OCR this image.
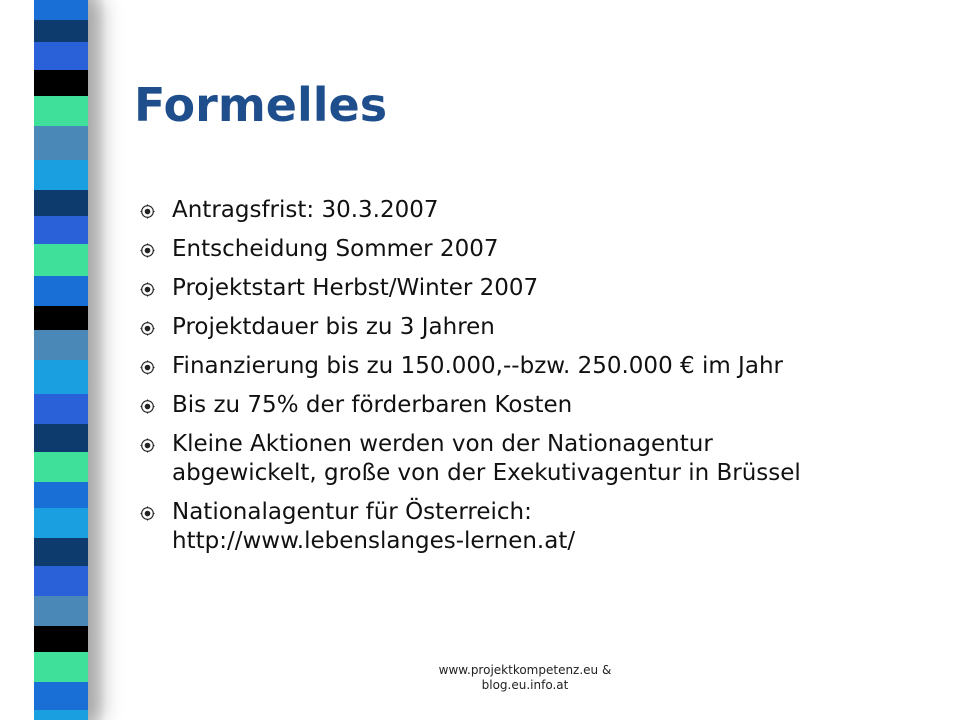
Formelles
Antragsfrist: 30.3.2007
Entscheidung Sommer 2007
Projektstart Herbst/Winter 2007
Projektdauer bis zu 3 Jahren
Finanzierung bis zu 150.000,--bzw. 250.000 € im Jahr
Bis zu 75% der förderbaren Kosten
Kleine Aktionen werden von der Nationagentur
abgewickelt, große von der Exekutivagentur in Brüssel
Nationalagentur für Österreich:
http://www.lebenslanges-lernen.at/
www.projektkompetenz.eu &
blog.eu.info.at
